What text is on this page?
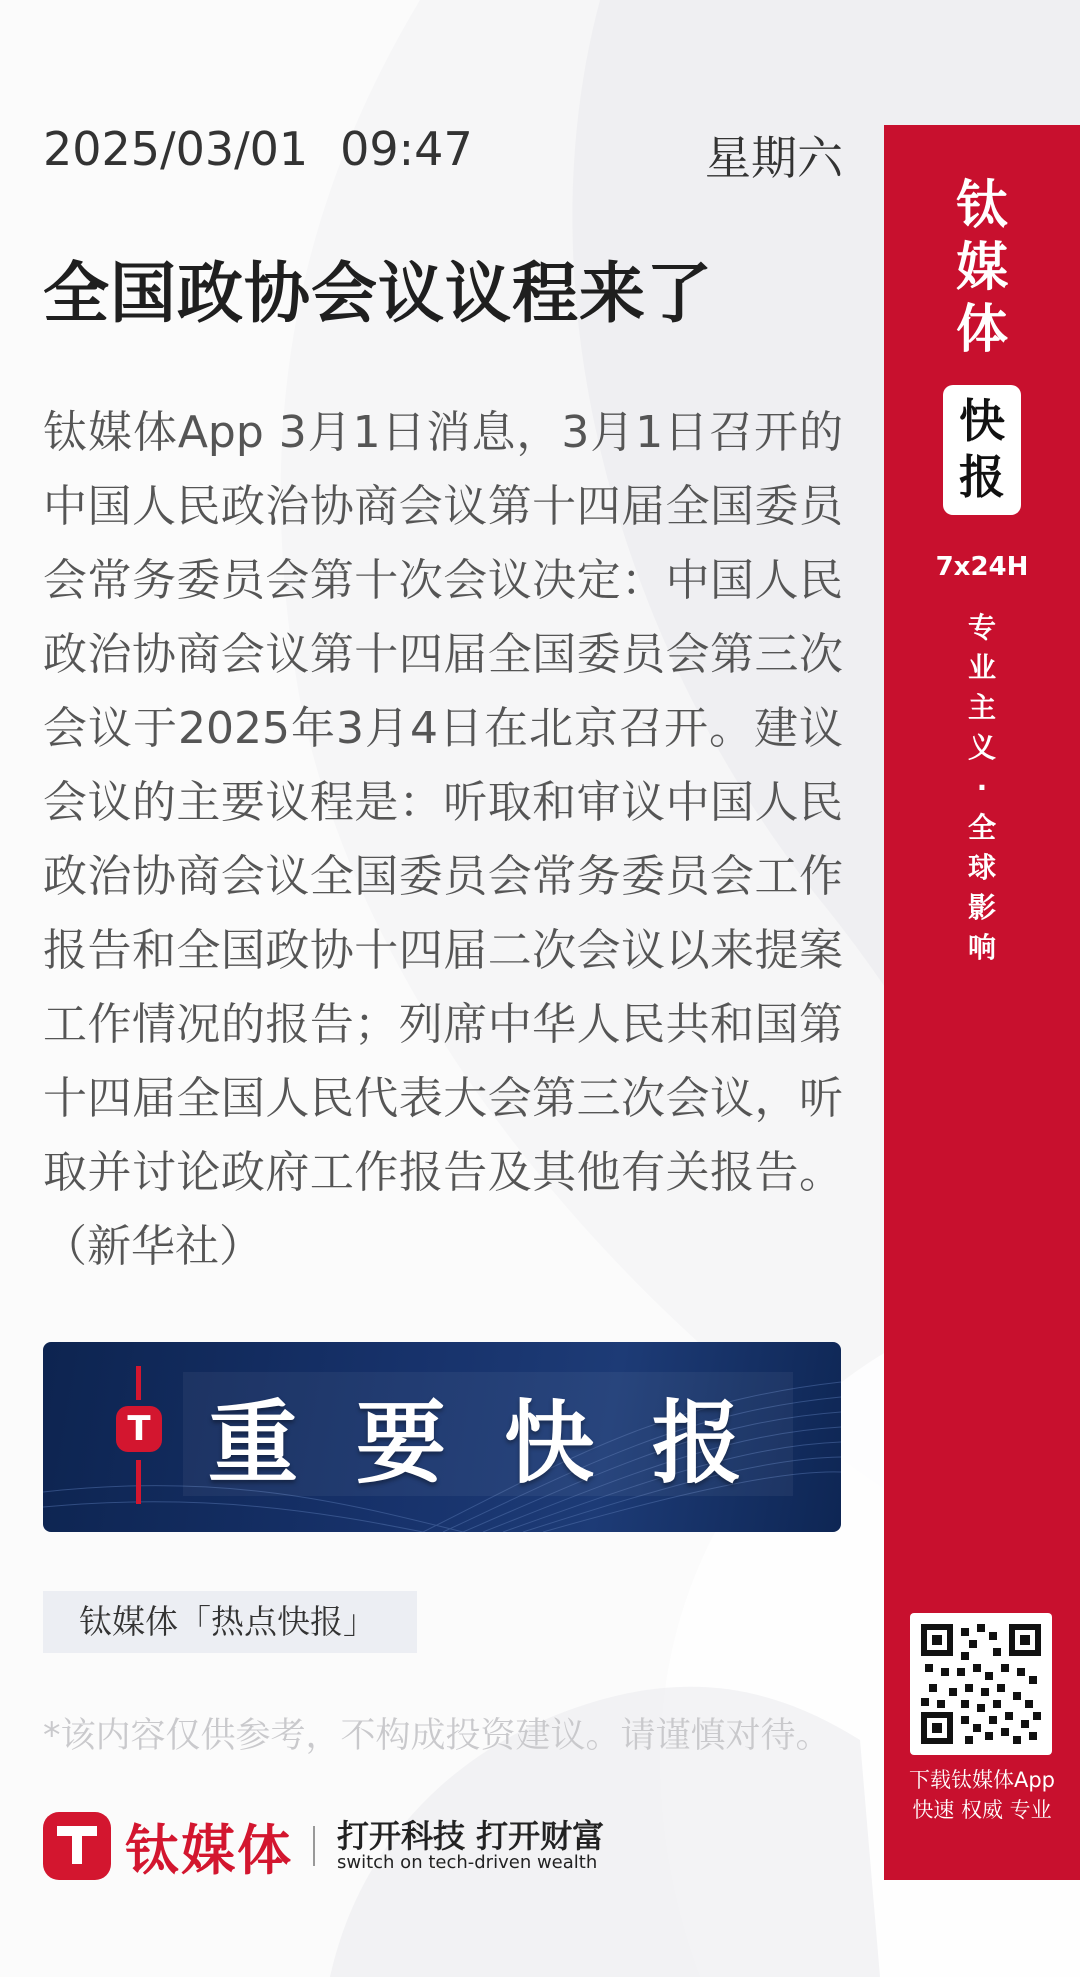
2025/03/01 09:47	星期六
全国政协会议议程来了
钛媒体App 3月1日消息，3月1日召开的中国人民政治协商会议第十四届全国委员会常务委员会第十次会议决定：中国人民政治协商会议第十四届全国委员会第三次会议于2025年3月4日在北京召开。建议会议的主要议程是：听取和审议中国人民政治协商会议全国委员会常务委员会工作报告和全国政协十四届二次会议以来提案工作情况的报告；列席中华人民共和国第十四届全国人民代表大会第三次会议，听取并讨论政府工作报告及其他有关报告。（新华社）
T 重要快报
钛媒体「热点快报」
*该内容仅供参考，不构成投资建议。请谨慎对待。
钛媒体 打开科技 打开财富
switch on tech-driven wealth
钛
媒
体
快
报
7x24H
专
业
主
义
·
全
球
影
响
下载钛媒体App
快速 权威 专业
